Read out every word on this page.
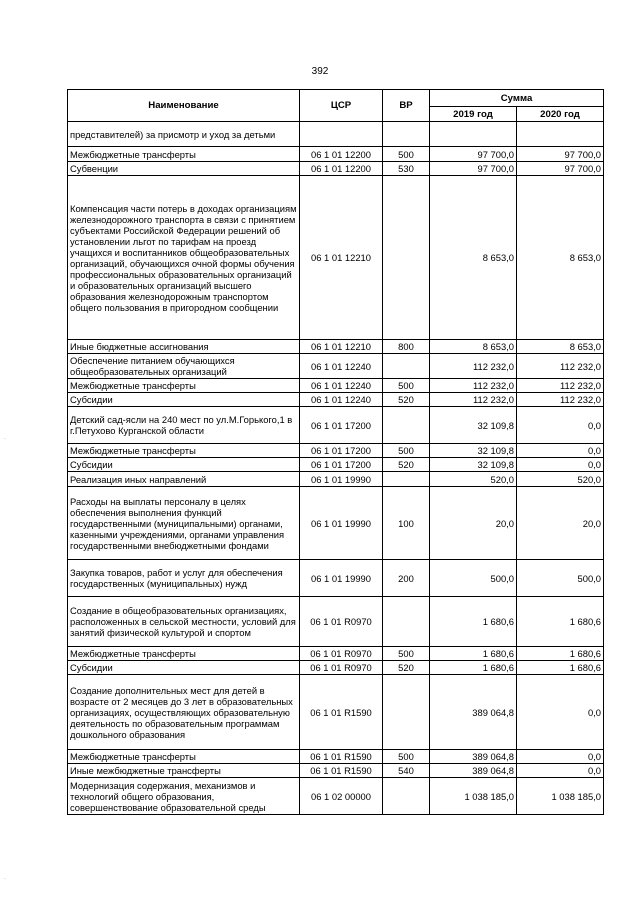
392
·
·
Наименование	ЦСР	ВР	Сумма	
			2019 год	2020 год
представителей) за присмотр и уход за детьми				
Межбюджетные трансферты	06 1 01 12200	500	97 700,0	97 700,0
Субвенции	06 1 01 12200	530	97 700,0	97 700,0
Компенсация части потерь в доходах организациям железнодорожного транспорта в связи с принятием субъектами Российской Федерации решений об установлении льгот по тарифам на проезд учащихся и воспитанников общеобразовательных организаций, обучающихся очной формы обучения профессиональных образовательных организаций и образовательных организаций высшего образования железнодорожным транспортом общего пользования в пригородном сообщении	06 1 01 12210		8 653,0	8 653,0
Иные бюджетные ассигнования	06 1 01 12210	800	8 653,0	8 653,0
Обеспечение питанием обучающихся общеобразовательных организаций	06 1 01 12240		112 232,0	112 232,0
Межбюджетные трансферты	06 1 01 12240	500	112 232,0	112 232,0
Субсидии	06 1 01 12240	520	112 232,0	112 232,0
Детский сад-ясли на 240 мест по ул.М.Горького,1 в г.Петухово Курганской области	06 1 01 17200		32 109,8	0,0
Межбюджетные трансферты	06 1 01 17200	500	32 109,8	0,0
Субсидии	06 1 01 17200	520	32 109,8	0,0
Реализация иных направлений	06 1 01 19990		520,0	520,0
Расходы на выплаты персоналу в целях обеспечения выполнения функций государственными (муниципальными) органами, казенными учреждениями, органами управления государственными внебюджетными фондами	06 1 01 19990	100	20,0	20,0
Закупка товаров, работ и услуг для обеспечения государственных (муниципальных) нужд	06 1 01 19990	200	500,0	500,0
Создание в общеобразовательных организациях, расположенных в сельской местности, условий для занятий физической культурой и спортом	06 1 01 R0970		1 680,6	1 680,6
Межбюджетные трансферты	06 1 01 R0970	500	1 680,6	1 680,6
Субсидии	06 1 01 R0970	520	1 680,6	1 680,6
Создание дополнительных мест для детей в возрасте от 2 месяцев до 3 лет в образовательных организациях, осуществляющих образовательную деятельность по образовательным программам дошкольного образования	06 1 01 R1590		389 064,8	0,0
Межбюджетные трансферты	06 1 01 R1590	500	389 064,8	0,0
Иные межбюджетные трансферты	06 1 01 R1590	540	389 064,8	0,0
Модернизация содержания, механизмов и технологий общего образования, совершенствование образовательной среды	06 1 02 00000		1 038 185,0	1 038 185,0
